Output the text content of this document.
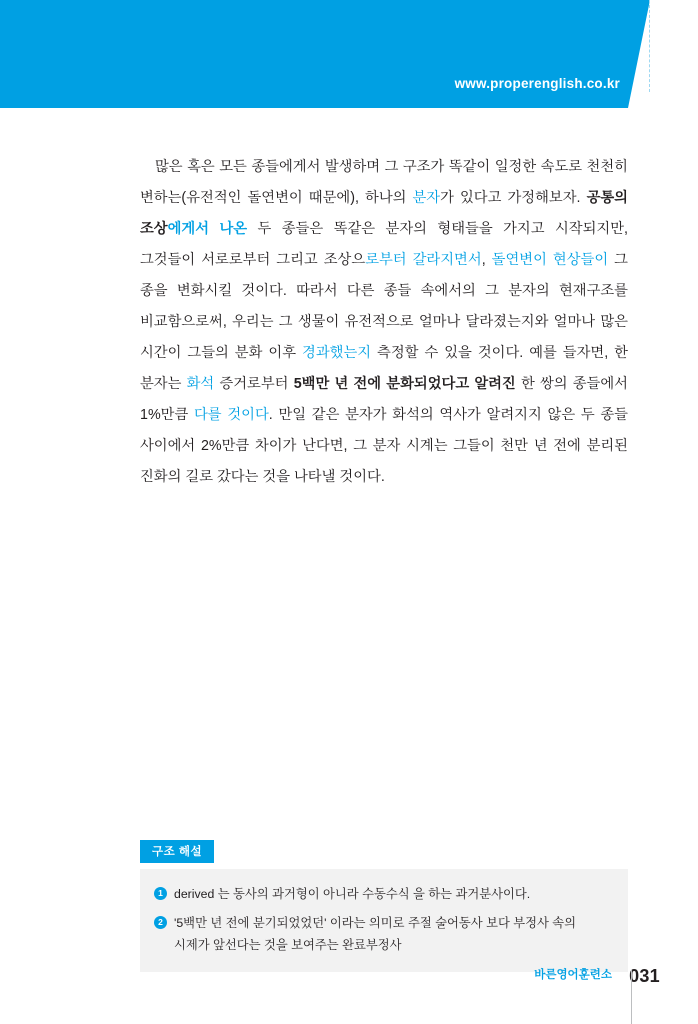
www.properenglish.co.kr
많은 혹은 모든 종들에게서 발생하며 그 구조가 똑같이 일정한 속도로 천천히 변하는(유전적인 돌연변이 때문에), 하나의 분자가 있다고 가정해보자. 공통의 조상에게서 나온 두 종들은 똑같은 분자의 형태들을 가지고 시작되지만, 그것들이 서로로부터 그리고 조상으로부터 갈라지면서, 돌연변이 현상들이 그 종을 변화시킬 것이다. 따라서 다른 종들 속에서의 그 분자의 현재구조를 비교함으로써, 우리는 그 생물이 유전적으로 얼마나 달라졌는지와 얼마나 많은 시간이 그들의 분화 이후 경과했는지 측정할 수 있을 것이다. 예를 들자면, 한 분자는 화석 증거로부터 5백만 년 전에 분화되었다고 알려진 한 쌍의 종들에서 1%만큼 다를 것이다. 만일 같은 분자가 화석의 역사가 알려지지 않은 두 종들 사이에서 2%만큼 차이가 난다면, 그 분자 시계는 그들이 천만 년 전에 분리된 진화의 길로 갔다는 것을 나타낼 것이다.
구조 해설
1 derived 는 동사의 과거형이 아니라 수동수식 을 하는 과거분사이다.
2 '5백만 년 전에 분기되었었던' 이라는 의미로 주절 술어동사 보다 부정사 속의 시제가 앞선다는 것을 보여주는 완료부정사
바른영어훈련소 031
